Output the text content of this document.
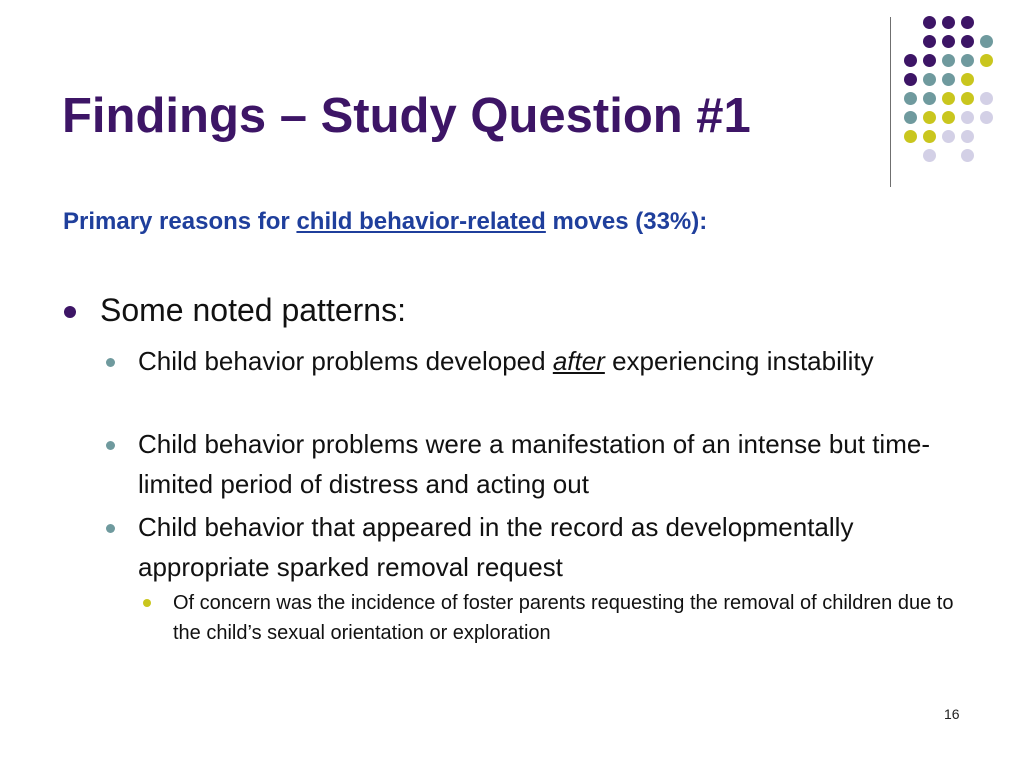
Findings – Study Question #1
Primary reasons for child behavior-related moves (33%):
Some noted patterns:
Child behavior problems developed after experiencing instability
Child behavior problems were a manifestation of an intense but time-limited period of distress and acting out
Child behavior that appeared in the record as developmentally appropriate sparked removal request
Of concern was the incidence of foster parents requesting the removal of children due to the child’s sexual orientation or exploration
16
